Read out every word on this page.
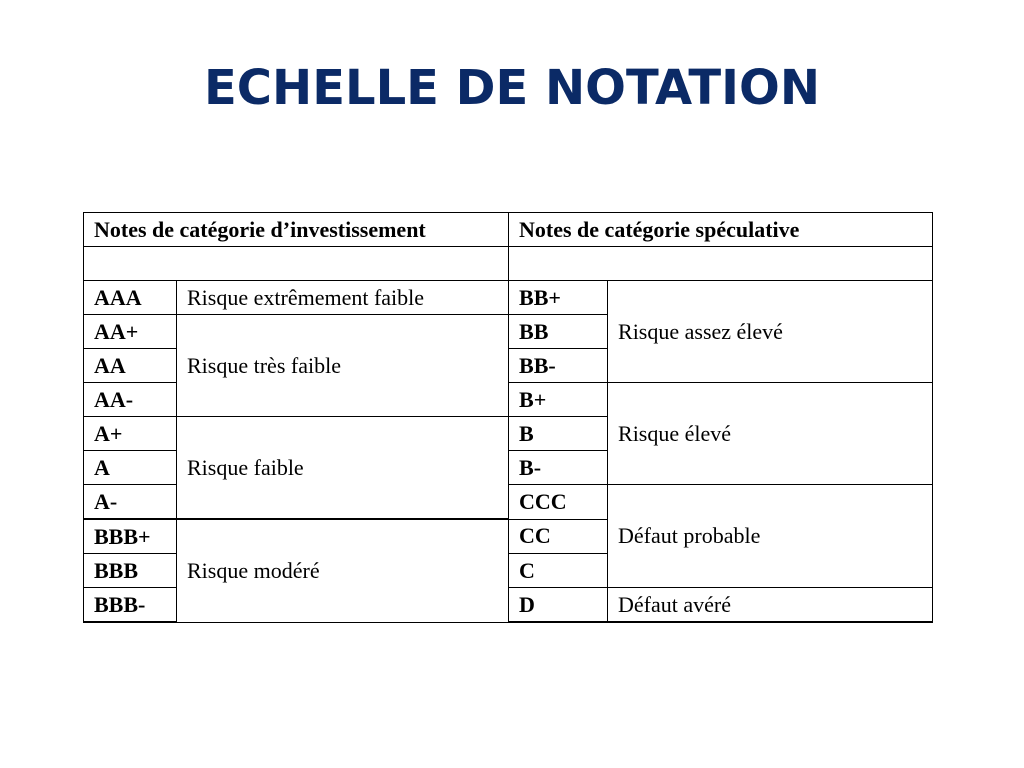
ECHELLE DE NOTATION
Notes de catégorie d’investissement		Notes de catégorie spéculative	

AAA	Risque extrêmement faible	BB+	Risque assez élevé
AA+	Risque très faible	BB	
AA		BB-	
AA-		B+	Risque élevé
A+	Risque faible	B	
A		B-	
A-		CCC	Défaut probable
BBB+	Risque modéré	CC	
BBB		C	
BBB-		D	Défaut avéré
